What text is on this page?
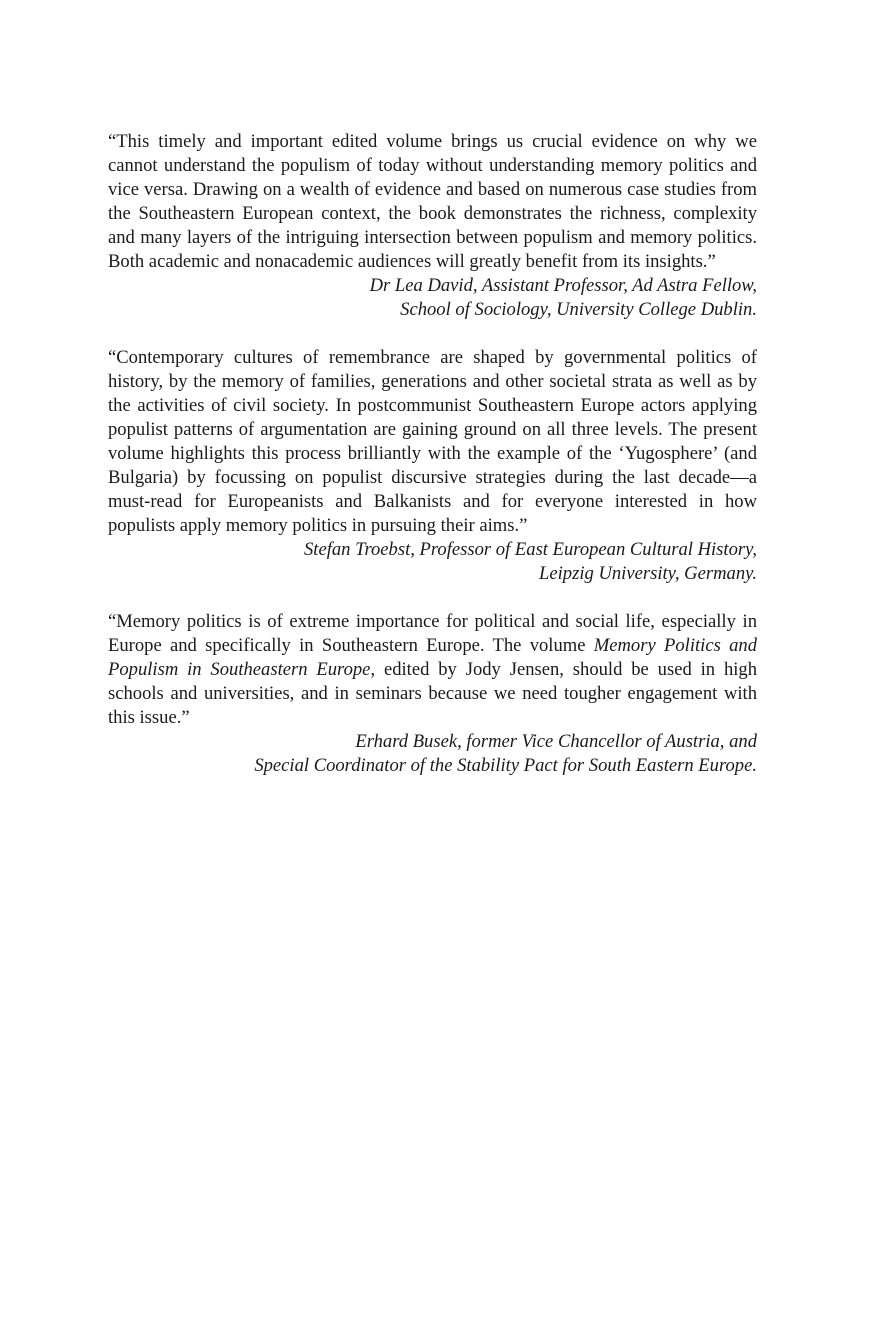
“This timely and important edited volume brings us crucial evidence on why we cannot understand the populism of today without understanding memory politics and vice versa. Drawing on a wealth of evidence and based on numerous case studies from the Southeastern European context, the book demonstrates the richness, complexity and many layers of the intriguing intersection between populism and memory politics. Both academic and nonacademic audiences will greatly benefit from its insights.”

Dr Lea David, Assistant Professor, Ad Astra Fellow,
School of Sociology, University College Dublin.

“Contemporary cultures of remembrance are shaped by governmental politics of history, by the memory of families, generations and other societal strata as well as by the activities of civil society. In postcommunist Southeastern Europe actors applying populist patterns of argumentation are gaining ground on all three levels. The present volume highlights this process brilliantly with the example of the ‘Yugosphere’ (and Bulgaria) by focussing on populist discursive strategies during the last decade—a must-read for Europeanists and Balkanists and for everyone interested in how populists apply memory politics in pursuing their aims.”

Stefan Troebst, Professor of East European Cultural History,
Leipzig University, Germany.

“Memory politics is of extreme importance for political and social life, especially in Europe and specifically in Southeastern Europe. The volume Memory Politics and Populism in Southeastern Europe, edited by Jody Jensen, should be used in high schools and universities, and in seminars because we need tougher engagement with this issue.”

Erhard Busek, former Vice Chancellor of Austria, and
Special Coordinator of the Stability Pact for South Eastern Europe.
